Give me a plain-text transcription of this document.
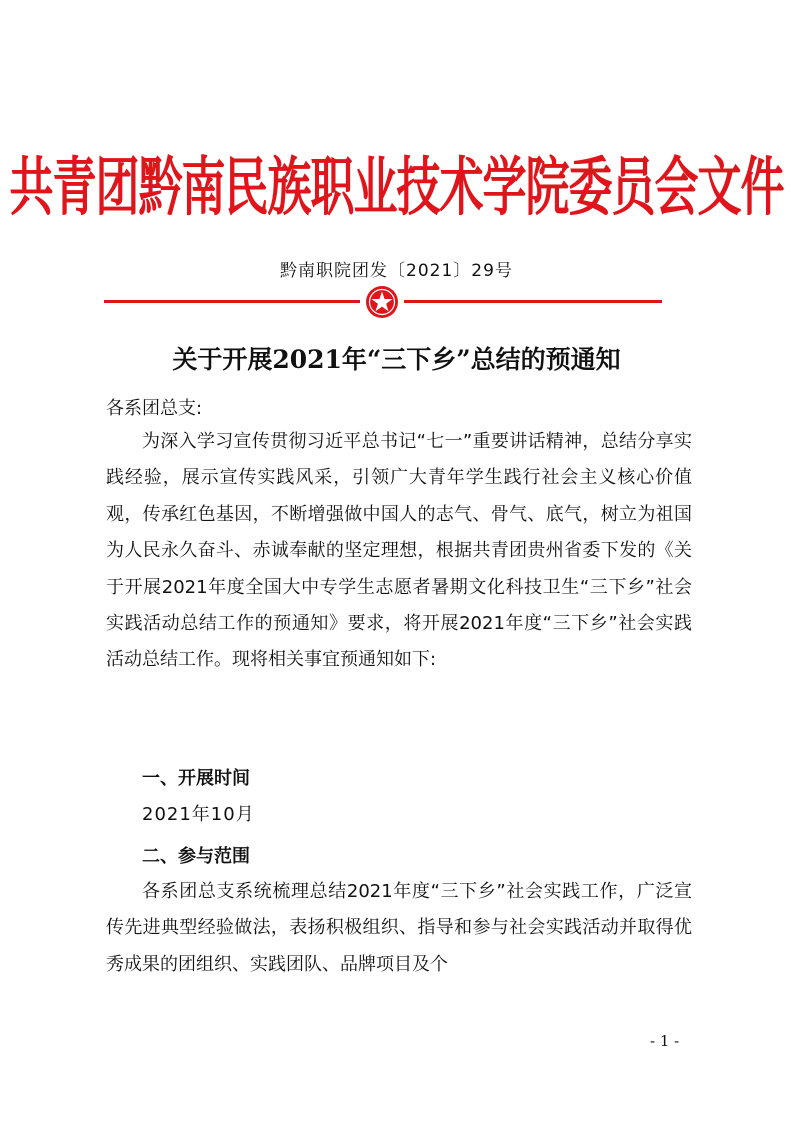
共青团黔南民族职业技术学院委员会文件
黔南职院团发〔2021〕29号
关于开展2021年“三下乡”总结的预通知
各系团总支:
为深入学习宣传贯彻习近平总书记“七一”重要讲话精神，总结分享实践经验，展示宣传实践风采，引领广大青年学生践行社会主义核心价值观，传承红色基因，不断增强做中国人的志气、骨气、底气，树立为祖国为人民永久奋斗、赤诚奉献的坚定理想，根据共青团贵州省委下发的《关于开展2021年度全国大中专学生志愿者暑期文化科技卫生“三下乡”社会实践活动总结工作的预通知》要求，将开展2021年度“三下乡”社会实践活动总结工作。现将相关事宜预通知如下:
一、开展时间
2021年10月
二、参与范围
各系团总支系统梳理总结2021年度“三下乡”社会实践工作，广泛宣传先进典型经验做法，表扬积极组织、指导和参与社会实践活动并取得优秀成果的团组织、实践团队、品牌项目及个
- 1 -
